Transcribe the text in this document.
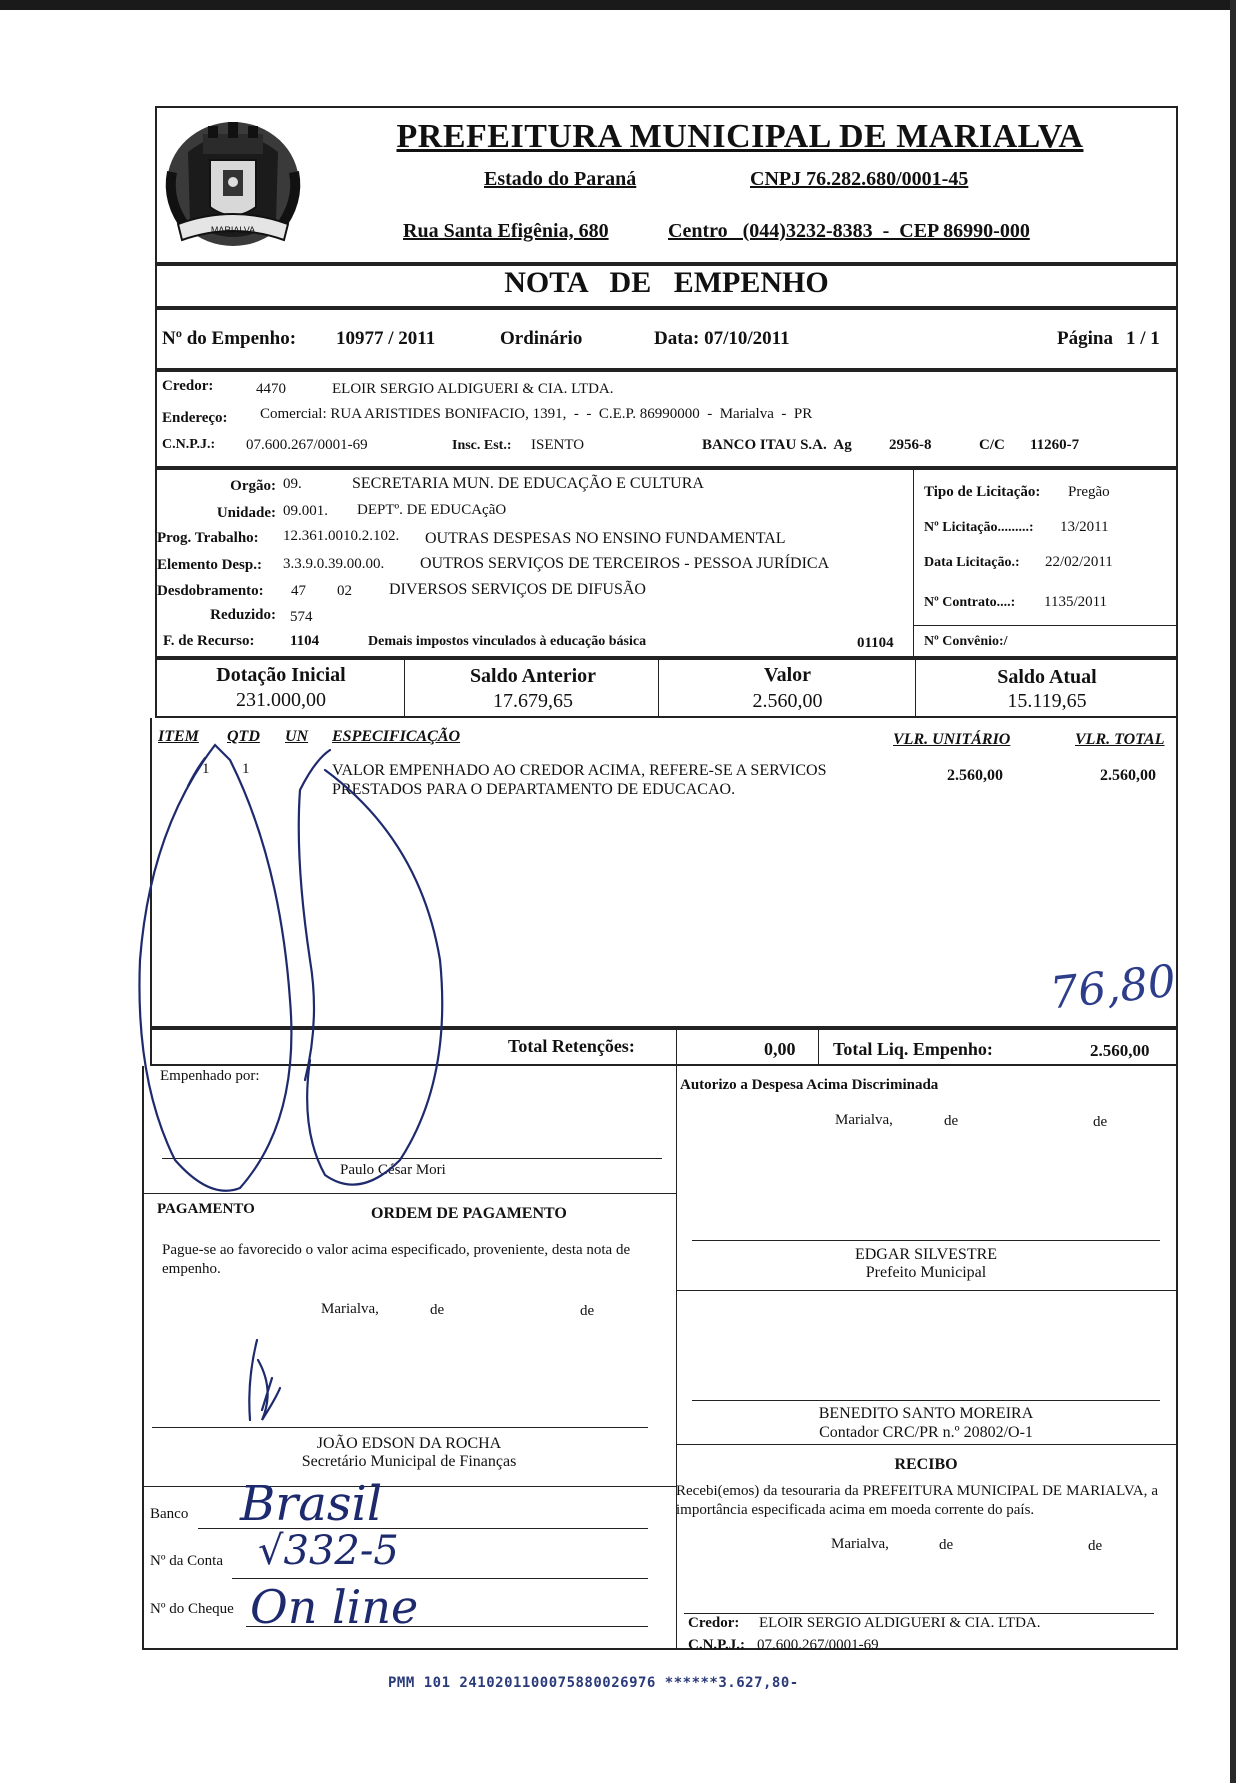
MARIALVA
PREFEITURA MUNICIPAL DE MARIALVA
Estado do Paraná	CNPJ 76.282.680/0001-45
Rua Santa Efigênia, 680	Centro   (044)3232-8383  -  CEP 86990-000
NOTA   DE   EMPENHO
Nº do Empenho: 10977 / 2011	Ordinário	Data: 07/10/2011	Página 1 / 1
Credor:	4470	ELOIR SERGIO ALDIGUERI & CIA. LTDA.
Endereço: Comercial: RUA ARISTIDES BONIFACIO, 1391,  -  -  C.E.P. 86990000  -  Marialva  -  PR
C.N.P.J.: 07.600.267/0001-69	Insc. Est.: ISENTO	BANCO ITAU S.A.  Ag 2956-8	C/C 11260-7
Orgão: 09.	SECRETARIA MUN. DE EDUCAÇÃO E CULTURA
Unidade: 09.001. DEPTº. DE EDUCAçãO
Prog. Trabalho: 12.361.0010.2.102. OUTRAS DESPESAS NO ENSINO FUNDAMENTAL
Elemento Desp.: 3.3.9.0.39.00.00. OUTROS SERVIÇOS DE TERCEIROS - PESSOA JURÍDICA
Desdobramento: 47 02 DIVERSOS SERVIÇOS DE DIFUSÃO
Reduzido: 574
F. de Recurso: 1104	Demais impostos vinculados à educação básica	01104
Tipo de Licitação: Pregão
Nº Licitação.........: 13/2011
Data Licitação.: 22/02/2011
Nº Contrato....: 1135/2011
Nº Convênio:/
Dotação Inicial
231.000,00
Saldo Anterior
17.679,65
Valor
2.560,00
Saldo Atual
15.119,65
ITEM QTD UN ESPECIFICAÇÃO	VLR. UNITÁRIO	VLR. TOTAL
1 1	VALOR EMPENHADO AO CREDOR ACIMA, REFERE-SE A SERVICOS
PRESTADOS PARA O DEPARTAMENTO DE EDUCACAO.
2.560,00	2.560,00
76,80
Total Retenções:	0,00 Total Liq. Empenho:	2.560,00
Empenhado por:
Paulo César Mori
Autorizo a Despesa Acima Discriminada
Marialva,	de	de
EDGAR SILVESTRE
Prefeito Municipal
BENEDITO SANTO MOREIRA
Contador CRC/PR n.º 20802/O-1
RECIBO
Recebi(emos) da tesouraria da PREFEITURA MUNICIPAL DE MARIALVA, a importância especificada acima em moeda corrente do país.
Marialva,	de	de
Credor: ELOIR SERGIO ALDIGUERI & CIA. LTDA.
C.N.P.J.: 07.600.267/0001-69
PAGAMENTO	ORDEM DE PAGAMENTO
Pague-se ao favorecido o valor acima especificado, proveniente, desta nota de empenho.
Marialva,	de	de
JOÃO EDSON DA ROCHA
Secretário Municipal de Finanças
Banco Brasil
Nº da Conta √332-5
Nº do Cheque On line
PMM 101 2410201100075880026976 ******3.627,80-
